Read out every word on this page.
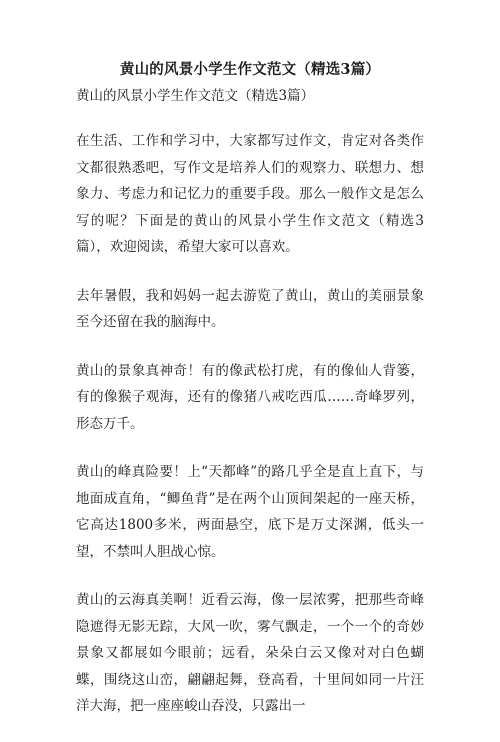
黄山的风景小学生作文范文（精选3篇）

黄山的风景小学生作文范文（精选3篇）

在生活、工作和学习中，大家都写过作文，肯定对各类作文都很熟悉吧，写作文是培养人们的观察力、联想力、想象力、考虑力和记忆力的重要手段。那么一般作文是怎么写的呢？下面是的黄山的风景小学生作文范文（精选3篇），欢迎阅读，希望大家可以喜欢。

去年暑假，我和妈妈一起去游览了黄山，黄山的美丽景象至今还留在我的脑海中。

黄山的景象真神奇！有的像武松打虎，有的像仙人背篓，有的像猴子观海，还有的像猪八戒吃西瓜……奇峰罗列，形态万千。

黄山的峰真险要！上“天都峰”的路几乎全是直上直下，与地面成直角，“鲫鱼背”是在两个山顶间架起的一座天桥，它高达1800多米，两面悬空，底下是万丈深渊，低头一望，不禁叫人胆战心惊。

黄山的云海真美啊！近看云海，像一层浓雾，把那些奇峰隐遮得无影无踪，大风一吹，雾气飘走，一个一个的奇妙景象又都展如今眼前；远看，朵朵白云又像对对白色蝴蝶，围绕这山峦，翩翩起舞，登高看，十里间如同一片汪洋大海，把一座座峻山吞没，只露出一
